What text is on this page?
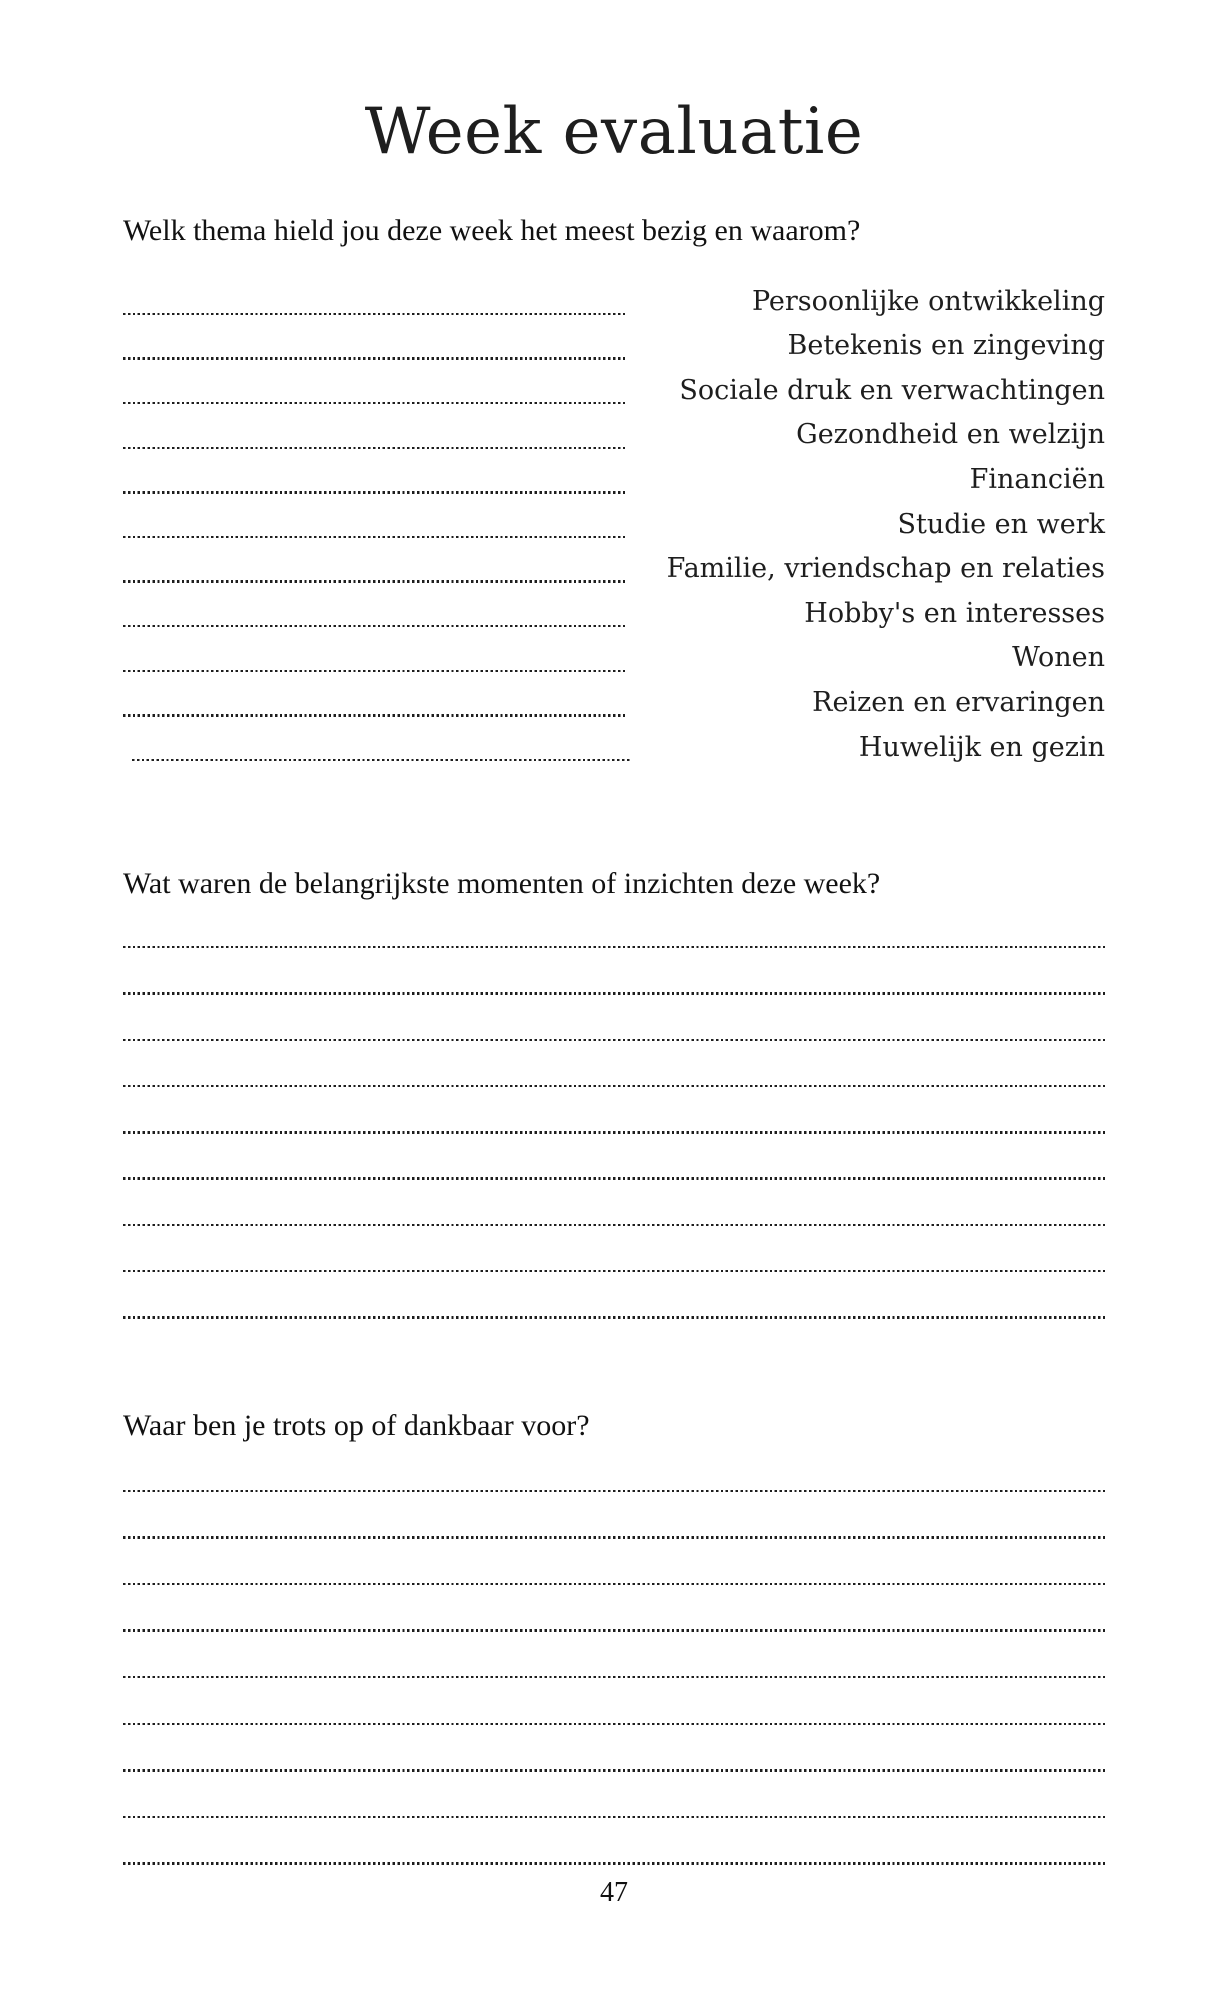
Week evaluatie
Welk thema hield jou deze week het meest bezig en waarom?
Persoonlijke ontwikkeling
Betekenis en zingeving
Sociale druk en verwachtingen
Gezondheid en welzijn
Financiën
Studie en werk
Familie, vriendschap en relaties
Hobby's en interesses
Wonen
Reizen en ervaringen
Huwelijk en gezin
Wat waren de belangrijkste momenten of inzichten deze week?
Waar ben je trots op of dankbaar voor?
47
